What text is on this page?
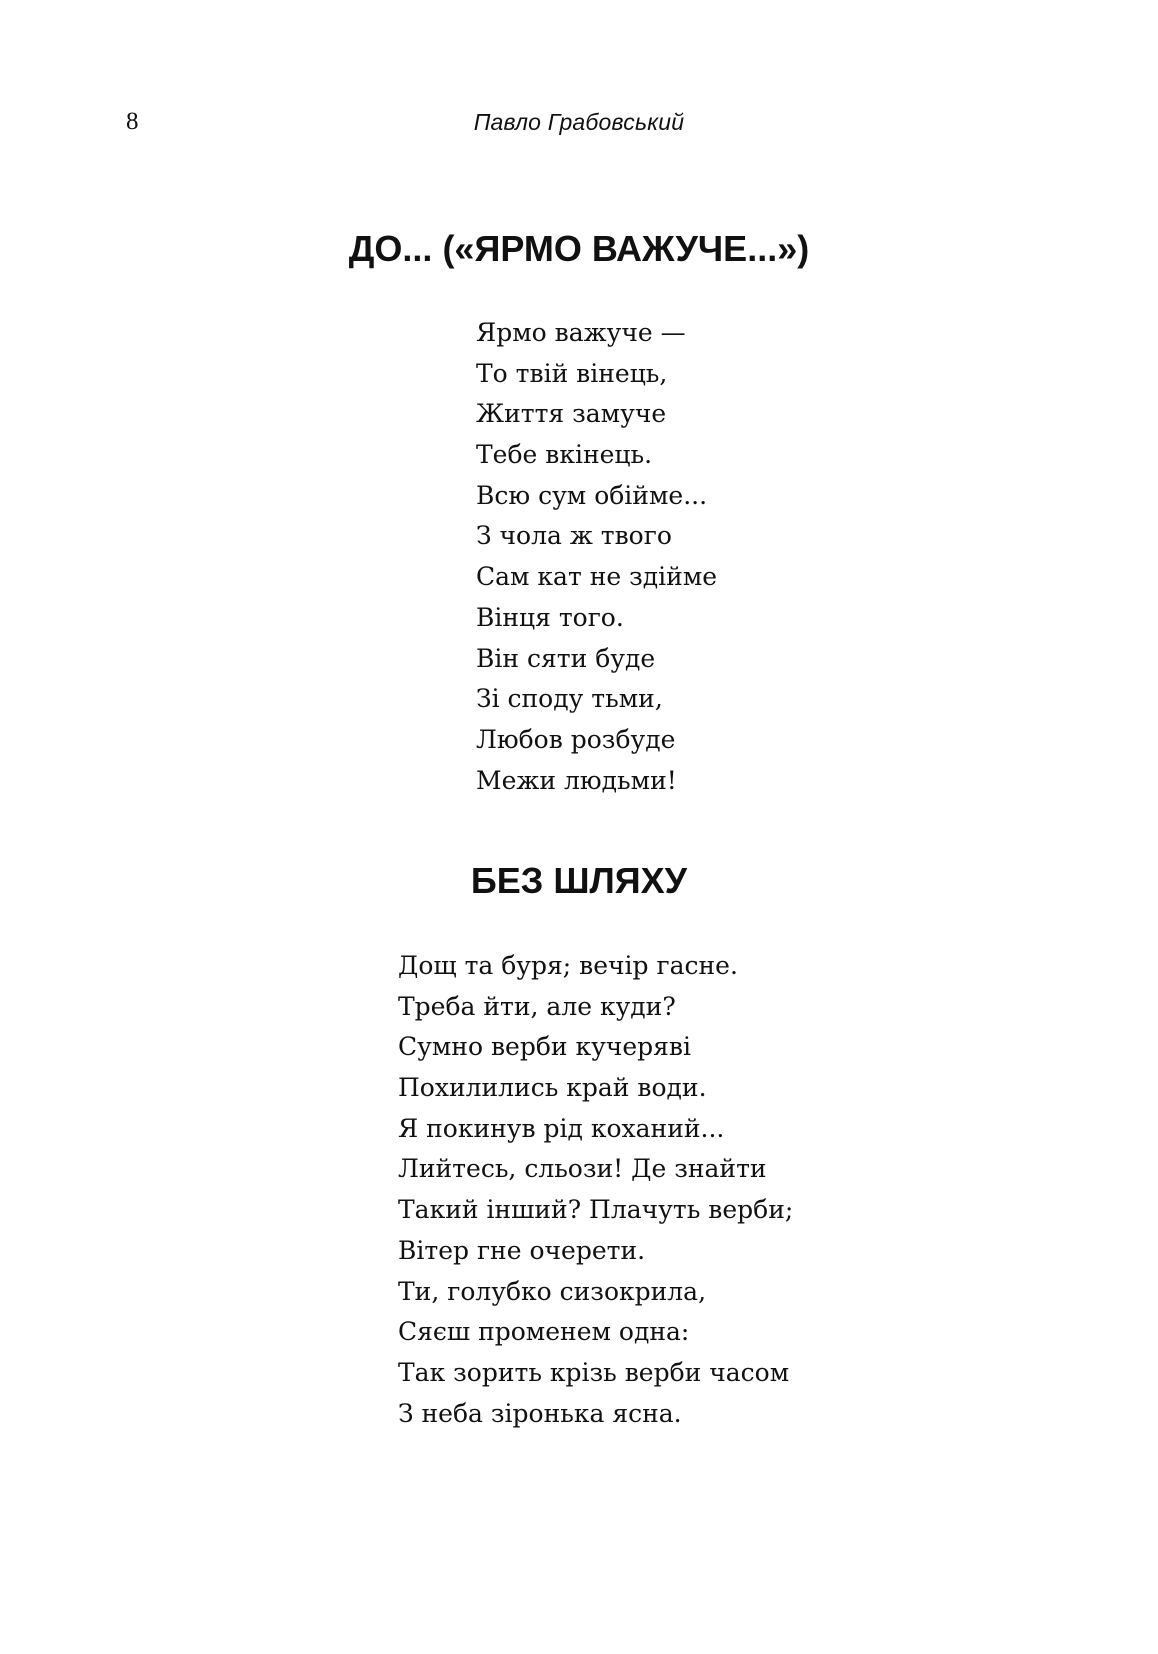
8	Павло Грабовський
ДО... («ЯРМО ВАЖУЧЕ...»)
Ярмо важуче —
То твій вінець,
Життя замуче
Тебе вкінець.
Всю сум обійме...
З чола ж твого
Сам кат не здійме
Вінця того.
Він сяти буде
Зі споду тьми,
Любов розбуде
Межи людьми!
БЕЗ ШЛЯХУ
Дощ та буря; вечір гасне.
Треба йти, але куди?
Сумно верби кучеряві
Похилились край води.
Я покинув рід коханий...
Лийтесь, сльози! Де знайти
Такий інший? Плачуть верби;
Вітер гне очерети.
Ти, голубко сизокрила,
Сяєш променем одна:
Так зорить крізь верби часом
З неба зіронька ясна.
